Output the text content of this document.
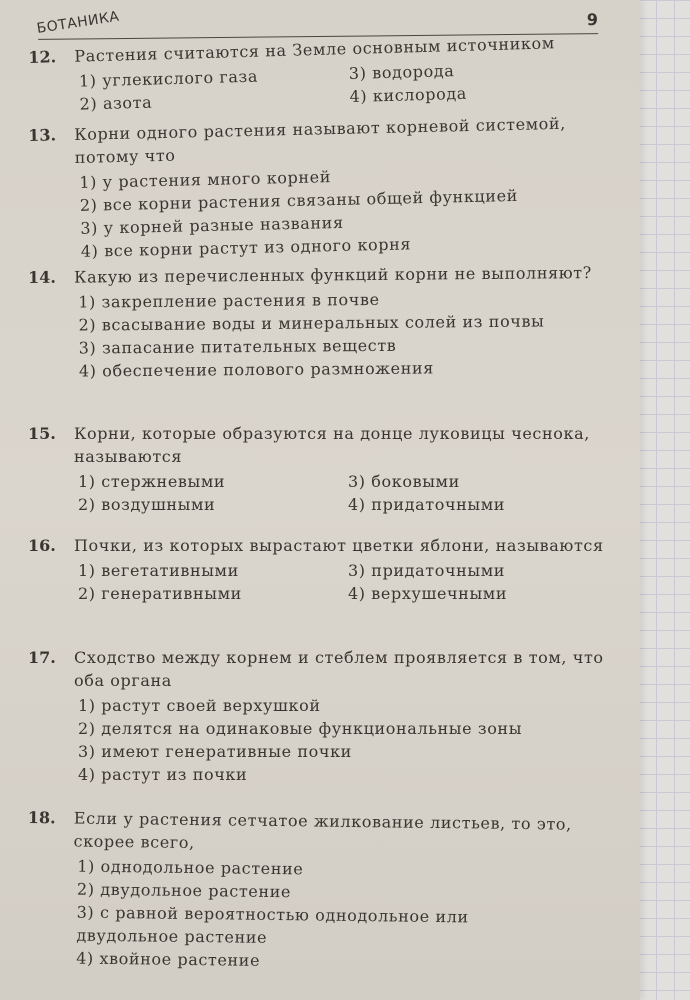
БОТАНИКА	9
12. Растения считаются на Земле основным источником
1) углекислого газа
2) азота
3) водорода
4) кислорода
13. Корни одного растения называют корневой системой, потому что
1) у растения много корней
2) все корни растения связаны общей функцией
3) у корней разные названия
4) все корни растут из одного корня
14. Какую из перечисленных функций корни не выполняют?
1) закрепление растения в почве
2) всасывание воды и минеральных солей из почвы
3) запасание питательных веществ
4) обеспечение полового размножения
15. Корни, которые образуются на донце луковицы чеснока, называются
1) стержневыми
2) воздушными
3) боковыми
4) придаточными
16. Почки, из которых вырастают цветки яблони, называются
1) вегетативными
2) генеративными
3) придаточными
4) верхушечными
17. Сходство между корнем и стеблем проявляется в том, что оба органа
1) растут своей верхушкой
2) делятся на одинаковые функциональные зоны
3) имеют генеративные почки
4) растут из почки
18. Если у растения сетчатое жилкование листьев, то это, скорее всего,
1) однодольное растение
2) двудольное растение
3) с равной вероятностью однодольное или двудольное растение
4) хвойное растение
